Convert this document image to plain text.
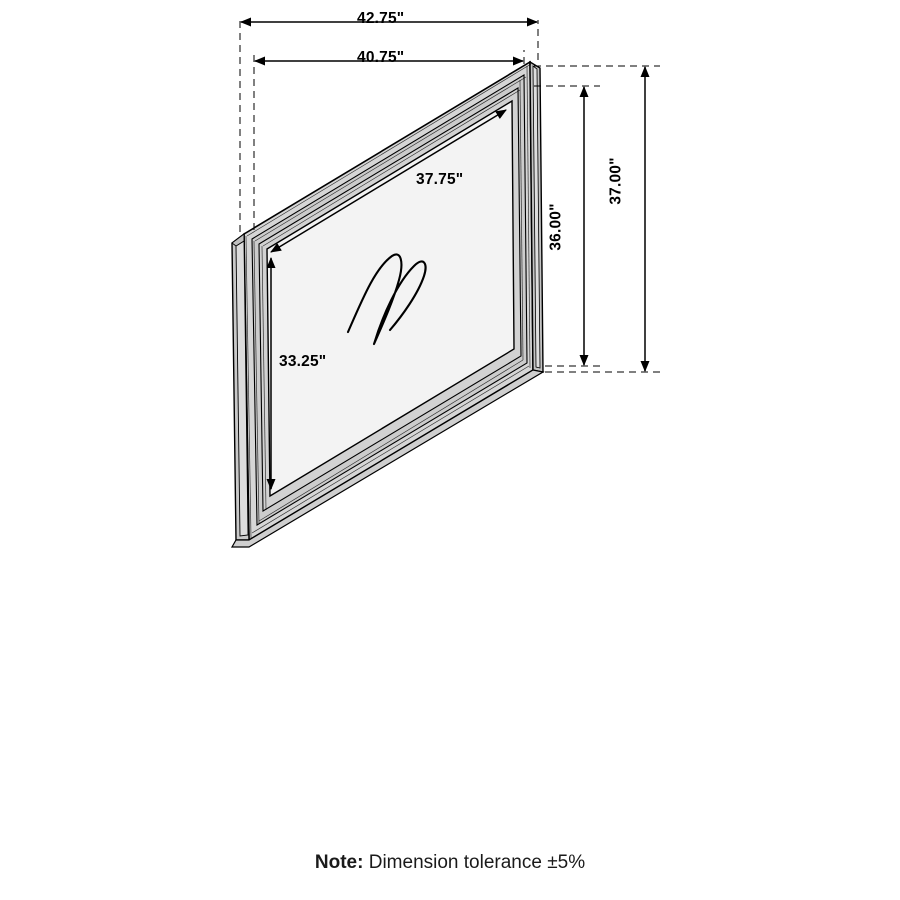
42.75"
40.75"
37.75"	37.00"
36.00"
33.25"
Note: Dimension tolerance ±5%
